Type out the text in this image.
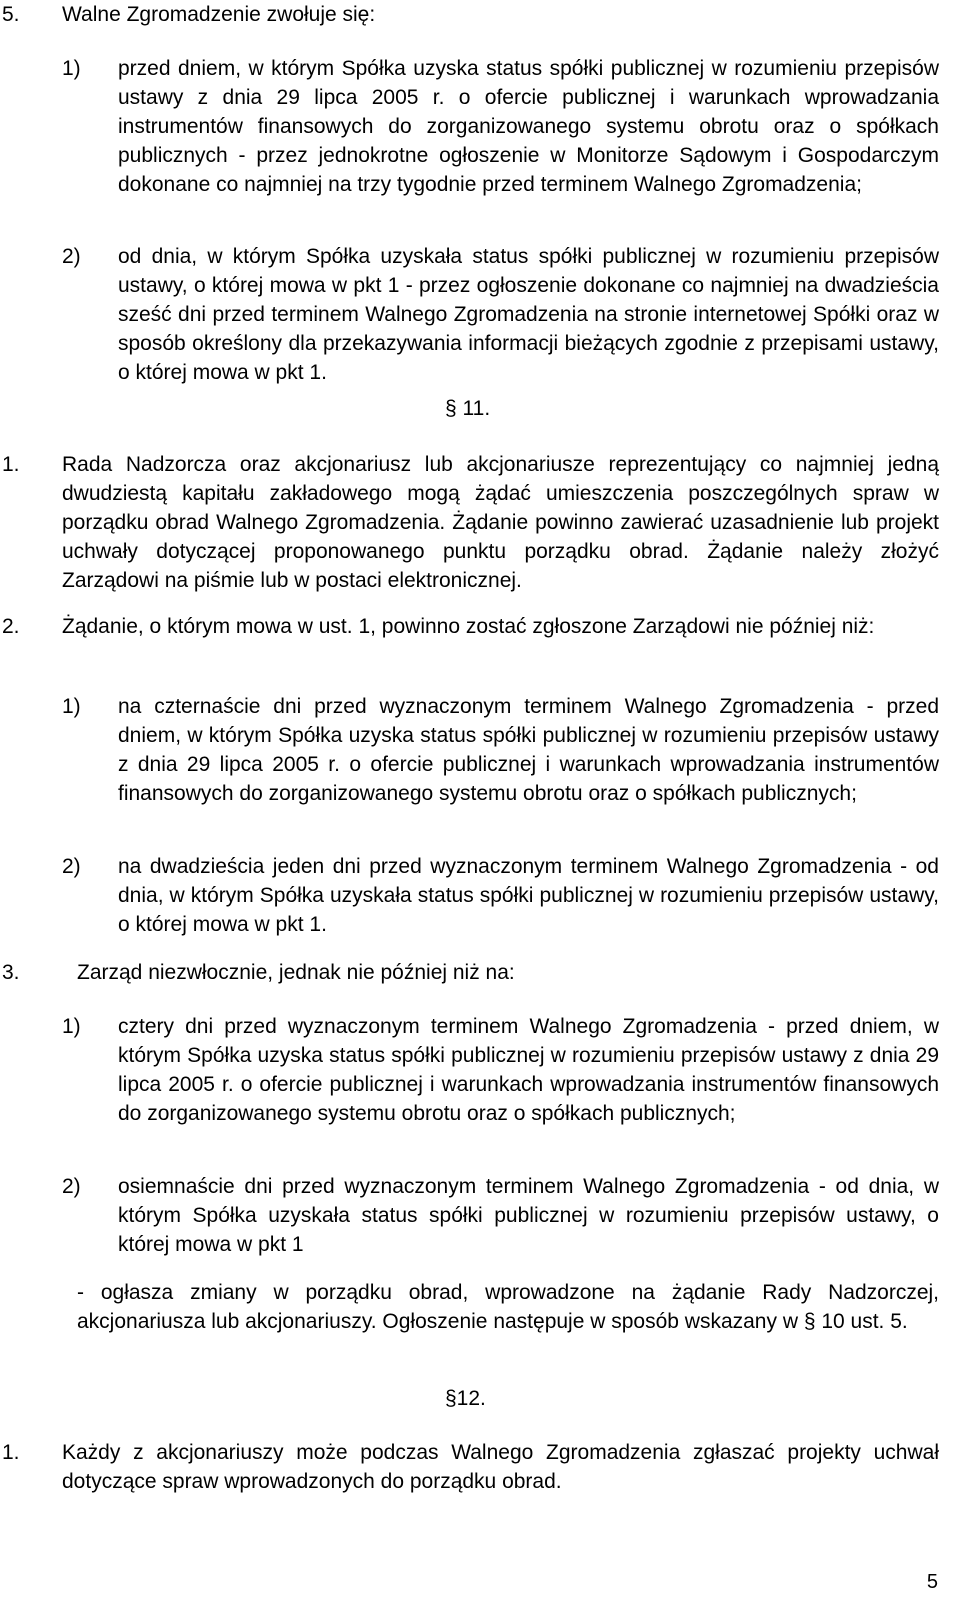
5. Walne Zgromadzenie zwołuje się:
1) przed dniem, w którym Spółka uzyska status spółki publicznej w rozumieniu przepisów ustawy z dnia 29 lipca 2005 r. o ofercie publicznej i warunkach wprowadzania instrumentów finansowych do zorganizowanego systemu obrotu oraz o spółkach publicznych - przez jednokrotne ogłoszenie w Monitorze Sądowym i Gospodarczym dokonane co najmniej na trzy tygodnie przed terminem Walnego Zgromadzenia;
2) od dnia, w którym Spółka uzyskała status spółki publicznej w rozumieniu przepisów ustawy, o której mowa w pkt 1 - przez ogłoszenie dokonane co najmniej na dwadzieścia sześć dni przed terminem Walnego Zgromadzenia na stronie internetowej Spółki oraz w sposób określony dla przekazywania informacji bieżących zgodnie z przepisami ustawy, o której mowa w pkt 1.
§ 11.
1. Rada Nadzorcza oraz akcjonariusz lub akcjonariusze reprezentujący co najmniej jedną dwudziestą kapitału zakładowego mogą żądać umieszczenia poszczególnych spraw w porządku obrad Walnego Zgromadzenia. Żądanie powinno zawierać uzasadnienie lub projekt uchwały dotyczącej proponowanego punktu porządku obrad. Żądanie należy złożyć Zarządowi na piśmie lub w postaci elektronicznej.
2. Żądanie, o którym mowa w ust. 1, powinno zostać zgłoszone Zarządowi nie później niż:
1) na czternaście dni przed wyznaczonym terminem Walnego Zgromadzenia - przed dniem, w którym Spółka uzyska status spółki publicznej w rozumieniu przepisów ustawy z dnia 29 lipca 2005 r. o ofercie publicznej i warunkach wprowadzania instrumentów finansowych do zorganizowanego systemu obrotu oraz o spółkach publicznych;
2) na dwadzieścia jeden dni przed wyznaczonym terminem Walnego Zgromadzenia - od dnia, w którym Spółka uzyskała status spółki publicznej w rozumieniu przepisów ustawy, o której mowa w pkt 1.
3.	Zarząd niezwłocznie, jednak nie później niż na:
1) cztery dni przed wyznaczonym terminem Walnego Zgromadzenia - przed dniem, w którym Spółka uzyska status spółki publicznej w rozumieniu przepisów ustawy z dnia 29 lipca 2005 r. o ofercie publicznej i warunkach wprowadzania instrumentów finansowych do zorganizowanego systemu obrotu oraz o spółkach publicznych;
2) osiemnaście dni przed wyznaczonym terminem Walnego Zgromadzenia - od dnia, w którym Spółka uzyskała status spółki publicznej w rozumieniu przepisów ustawy, o której mowa w pkt 1
- ogłasza zmiany w porządku obrad, wprowadzone na żądanie Rady Nadzorczej, akcjonariusza lub akcjonariuszy. Ogłoszenie następuje w sposób wskazany w § 10 ust. 5.
§12.
1. Każdy z akcjonariuszy może podczas Walnego Zgromadzenia zgłaszać projekty uchwał dotyczące spraw wprowadzonych do porządku obrad.
5
